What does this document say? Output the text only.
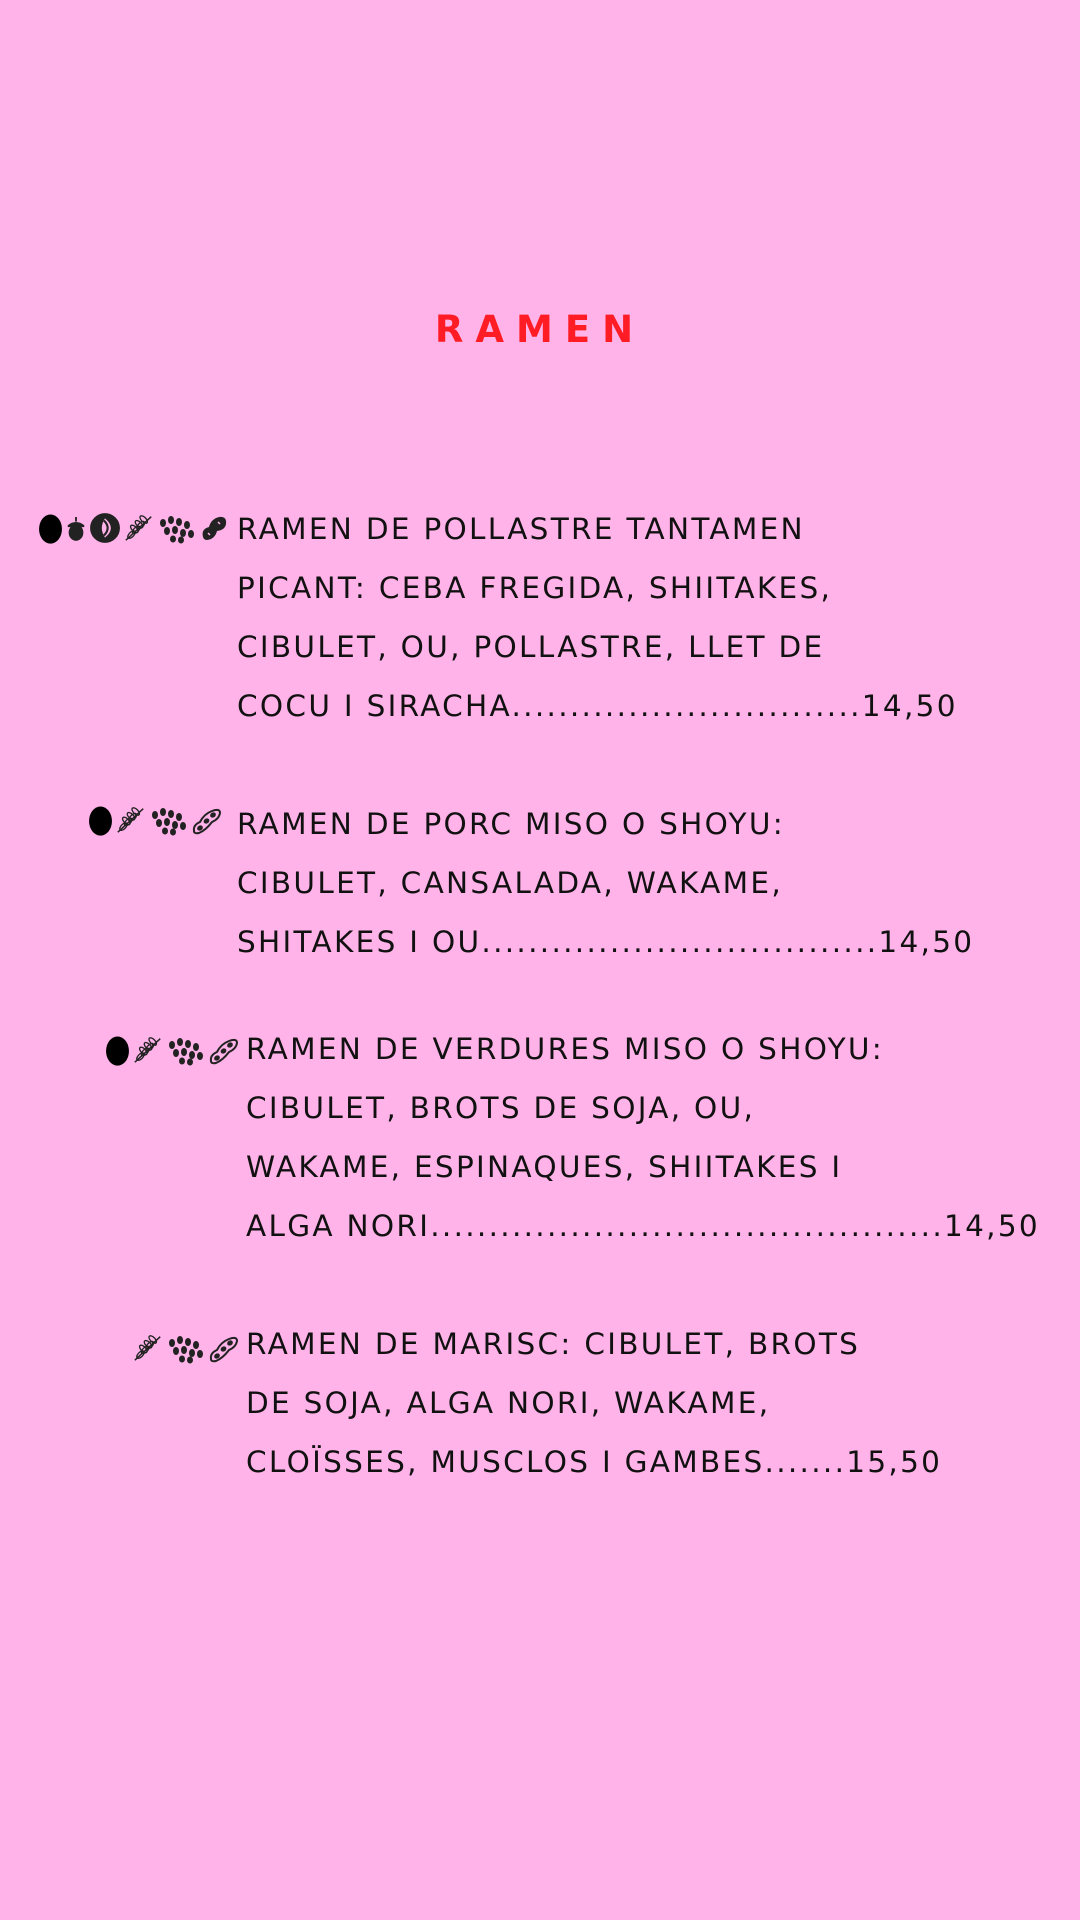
RAMEN
RAMEN DE POLLASTRE TANTAMEN
PICANT: CEBA FREGIDA, SHIITAKES,
CIBULET, OU, POLLASTRE, LLET DE
COCU I SIRACHA..............................14,50
RAMEN DE PORC MISO O SHOYU:
CIBULET, CANSALADA, WAKAME,
SHITAKES I OU..................................14,50
RAMEN DE VERDURES MISO O SHOYU:
CIBULET, BROTS DE SOJA, OU,
WAKAME, ESPINAQUES, SHIITAKES I
ALGA NORI............................................14,50
RAMEN DE MARISC: CIBULET, BROTS
DE SOJA, ALGA NORI, WAKAME,
CLOÏSSES, MUSCLOS I GAMBES.......15,50
